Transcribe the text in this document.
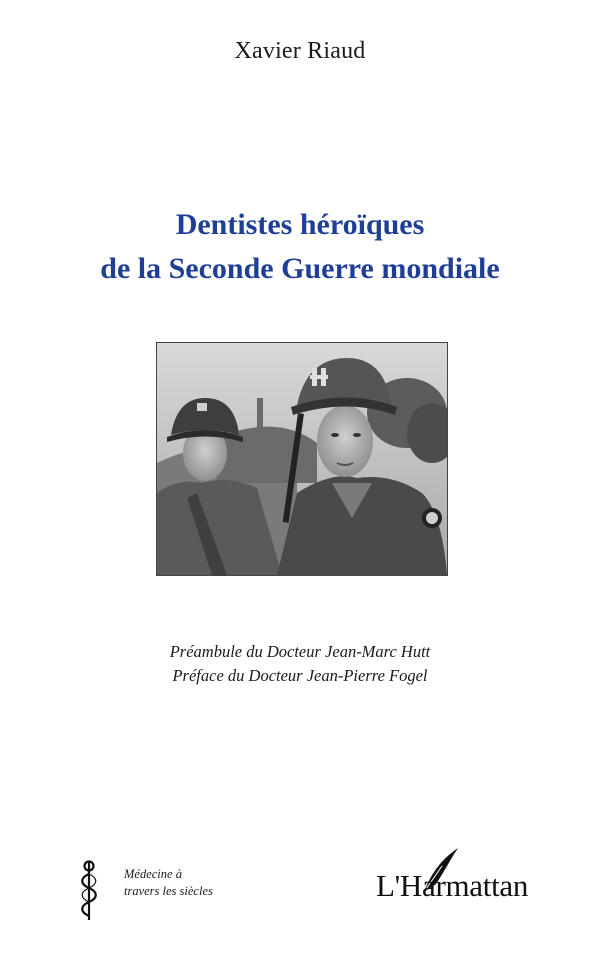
Xavier Riaud
Dentistes héroïques
de la Seconde Guerre mondiale
Préambule du Docteur Jean-Marc Hutt
Préface du Docteur Jean-Pierre Fogel
Médecine à
travers les siècles	L'Harmattan
